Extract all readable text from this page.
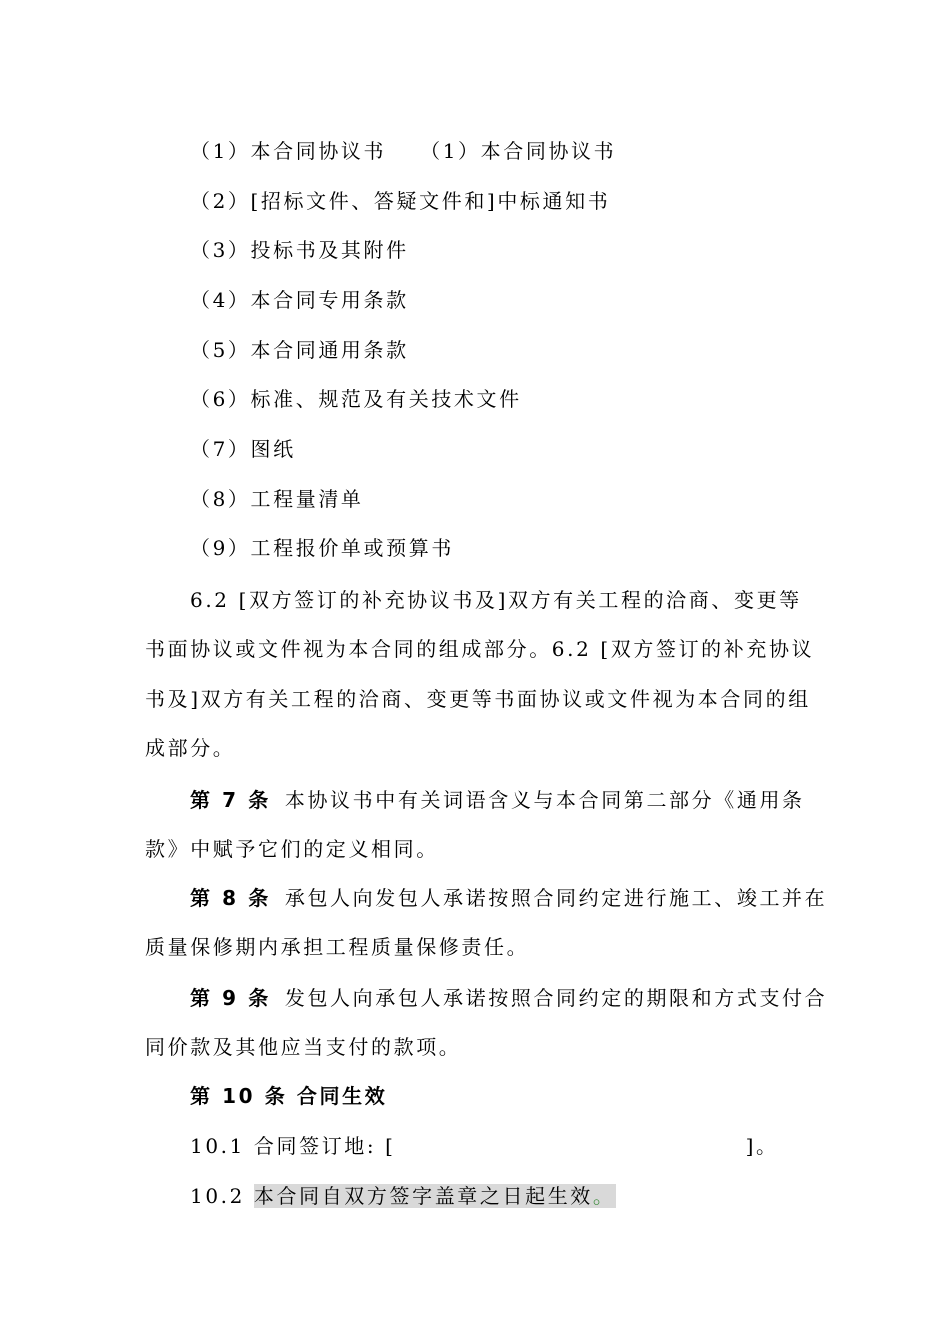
（1）本合同协议书 （1）本合同协议书
（2）[招标文件、答疑文件和]中标通知书
（3）投标书及其附件
（4）本合同专用条款
（5）本合同通用条款
（6）标准、规范及有关技术文件
（7）图纸
（8）工程量清单
（9）工程报价单或预算书
6.2 [双方签订的补充协议书及]双方有关工程的洽商、变更等
书面协议或文件视为本合同的组成部分。6.2 [双方签订的补充协议
书及]双方有关工程的洽商、变更等书面协议或文件视为本合同的组
成部分。
第 7 条 本协议书中有关词语含义与本合同第二部分《通用条
款》中赋予它们的定义相同。
第 8 条 承包人向发包人承诺按照合同约定进行施工、竣工并在
质量保修期内承担工程质量保修责任。
第 9 条 发包人向承包人承诺按照合同约定的期限和方式支付合
同价款及其他应当支付的款项。
第 10 条 合同生效
10.1 合同签订地: [	]。
10.2 本合同自双方签字盖章之日起生效。
